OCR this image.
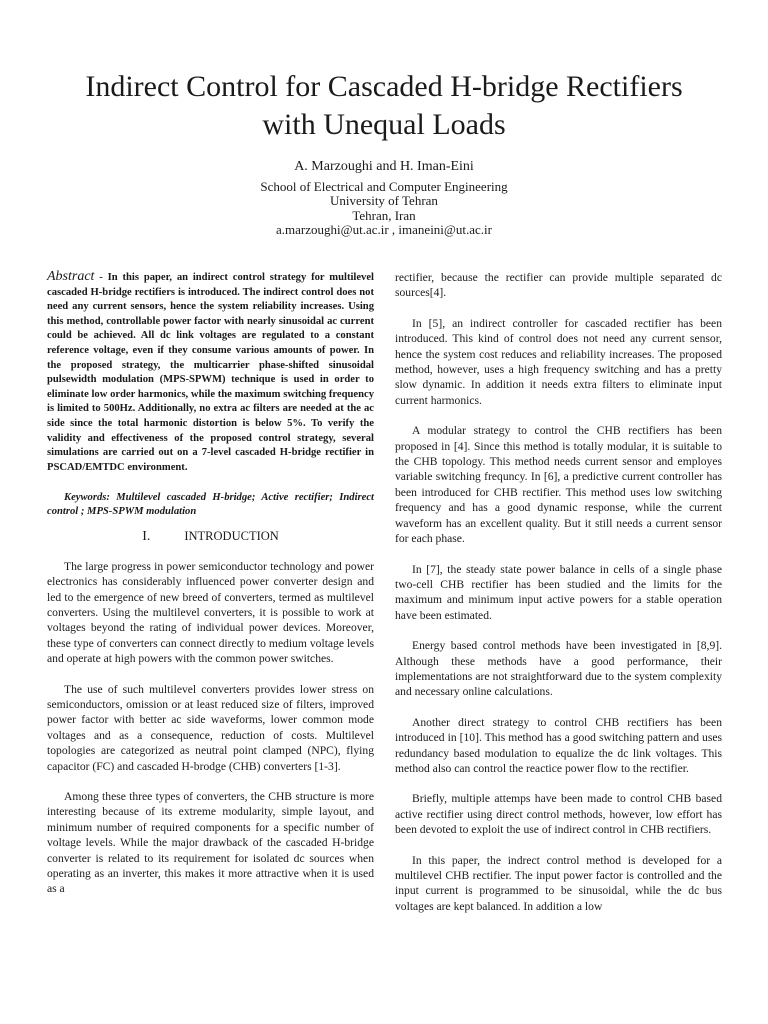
Indirect Control for Cascaded H-bridge Rectifiers
with Unequal Loads
A. Marzoughi and H. Iman-Eini
School of Electrical and Computer Engineering
University of Tehran
Tehran, Iran
a.marzoughi@ut.ac.ir , imaneini@ut.ac.ir
Abstract - In this paper, an indirect control strategy for multilevel cascaded H-bridge rectifiers is introduced. The indirect control does not need any current sensors, hence the system reliability increases. Using this method, controllable power factor with nearly sinusoidal ac current could be achieved. All dc link voltages are regulated to a constant reference voltage, even if they consume various amounts of power. In the proposed strategy, the multicarrier phase-shifted sinusoidal pulsewidth modulation (MPS-SPWM) technique is used in order to eliminate low order harmonics, while the maximum switching frequency is limited to 500Hz. Additionally, no extra ac filters are needed at the ac side since the total harmonic distortion is below 5%. To verify the validity and effectiveness of the proposed control strategy, several simulations are carried out on a 7-level cascaded H-bridge rectifier in PSCAD/EMTDC environment.
Keywords: Multilevel cascaded H-bridge; Active rectifier; Indirect control ; MPS-SPWM modulation
I.	INTRODUCTION

The large progress in power semiconductor technology and power electronics has considerably influenced power converter design and led to the emergence of new breed of converters, termed as multilevel converters. Using the multilevel converters, it is possible to work at voltages beyond the rating of individual power devices. Moreover, these type of converters can connect directly to medium voltage levels and operate at high powers with the common power switches.

The use of such multilevel converters provides lower stress on semiconductors, omission or at least reduced size of filters, improved power factor with better ac side waveforms, lower common mode voltages and as a consequence, reduction of costs. Multilevel topologies are categorized as neutral point clamped (NPC), flying capacitor (FC) and cascaded H-brodge (CHB) converters [1-3].

Among these three types of converters, the CHB structure is more interesting because of its extreme modularity, simple layout, and minimum number of required components for a specific number of voltage levels. While the major drawback of the cascaded H-bridge converter is related to its requirement for isolated dc sources when operating as an inverter, this makes it more attractive when it is used as a

rectifier, because the rectifier can provide multiple separated dc sources[4].

In [5], an indirect controller for cascaded rectifier has been introduced. This kind of control does not need any current sensor, hence the system cost reduces and reliability increases. The proposed method, however, uses a high frequency switching and has a pretty slow dynamic. In addition it needs extra filters to eliminate input current harmonics.

A modular strategy to control the CHB rectifiers has been proposed in [4]. Since this method is totally modular, it is suitable to the CHB topology. This method needs current sensor and employes variable switching frequncy. In [6], a predictive current controller has been introduced for CHB rectifier. This method uses low switching frequency and has a good dynamic response, while the current waveform has an excellent quality. But it still needs a current sensor for each phase.

In [7], the steady state power balance in cells of a single phase two-cell CHB rectifier has been studied and the limits for the maximum and minimum input active powers for a stable operation have been estimated.

Energy based control methods have been investigated in [8,9]. Although these methods have a good performance, their implementations are not straightforward due to the system complexity and necessary online calculations.

Another direct strategy to control CHB rectifiers has been introduced in [10]. This method has a good switching pattern and uses redundancy based modulation to equalize the dc link voltages. This method also can control the reactice power flow to the rectifier.

Briefly, multiple attemps have been made to control CHB based active rectifier using direct control methods, however, low effort has been devoted to exploit the use of indirect control in CHB rectifiers.

In this paper, the indrect control method is developed for a multilevel CHB rectifier. The input power factor is controlled and the input current is programmed to be sinusoidal, while the dc bus voltages are kept balanced. In addition a low
